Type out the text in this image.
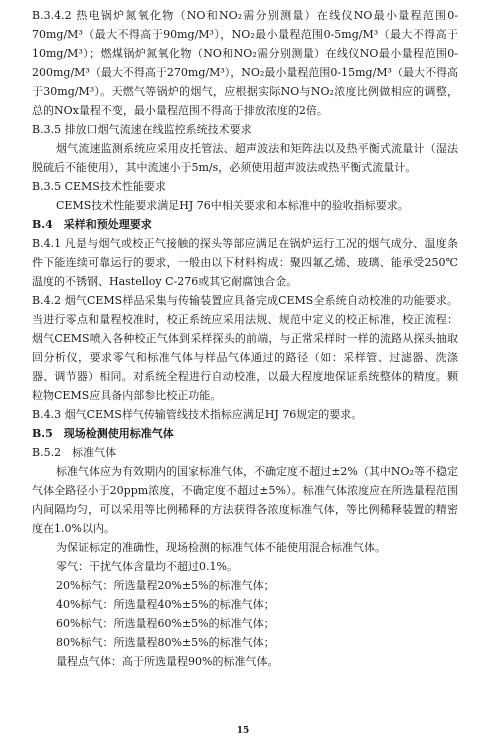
B.3.4.2 热电锅炉氮氧化物（NO和NO₂需分别测量）在线仪NO最小量程范围0-70mg/M³（最大不得高于90mg/M³），NO₂最小量程范围0-5mg/M³（最大不得高于10mg/M³）；燃煤锅炉氮氧化物（NO和NO₂需分别测量）在线仪NO最小量程范围0-200mg/M³（最大不得高于270mg/M³），NO₂最小量程范围0-15mg/M³（最大不得高于30mg/M³）。天燃气等锅炉的烟气，应根据实际NO与NO₂浓度比例做相应的调整，总的NOx量程不变，最小量程范围不得高于排放浓度的2倍。

B.3.5 排放口烟气流速在线监控系统技术要求

烟气流速监测系统应采用皮托管法、超声波法和矩阵法以及热平衡式流量计（湿法脱硫后不能使用），其中流速小于5m/s，必须使用超声波法或热平衡式流量计。

B.3.5 CEMS技术性能要求

CEMS技术性能要求满足HJ 76中相关要求和本标准中的验收指标要求。

B.4　采样和预处理要求

B.4.1 凡是与烟气或校正气接触的探头等部应满足在锅炉运行工况的烟气成分、温度条件下能连续可靠运行的要求，一般由以下材料构成：聚四氟乙烯、玻璃、能承受250℃温度的不锈钢、Hastelloy C-276或其它耐腐蚀合金。

B.4.2 烟气CEMS样品采集与传输装置应具备完成CEMS全系统自动校准的功能要求。当进行零点和量程校准时，校正系统应采用法规、规范中定义的校正标准，校正流程：烟气CEMS喷入各种校正气体到采样探头的前端，与正常采样时一样的流路从探头抽取回分析仪，要求零气和标准气体与样品气体通过的路径（如：采样管、过滤器、洗涤器、调节器）相同。对系统全程进行自动校准，以最大程度地保证系统整体的精度。颗粒物CEMS应具备内部参比校正功能。

B.4.3 烟气CEMS样气传输管线技术指标应满足HJ 76规定的要求。

B.5　现场检测使用标准气体

B.5.2　标准气体

标准气体应为有效期内的国家标准气体，不确定度不超过±2%（其中NO₂等不稳定气体全路径小于20ppm浓度，不确定度不超过±5%）。标准气体浓度应在所选量程范围内间隔均匀，可以采用等比例稀释的方法获得各浓度标准气体，等比例稀释装置的精密度在1.0%以内。

为保证标定的准确性，现场检测的标准气体不能使用混合标准气体。

零气：干扰气体含量均不超过0.1%。

20%标气：所选量程20%±5%的标准气体；

40%标气：所选量程40%±5%的标准气体；

60%标气：所选量程60%±5%的标准气体；

80%标气：所选量程80%±5%的标准气体；

量程点气体：高于所选量程90%的标准气体。

15
